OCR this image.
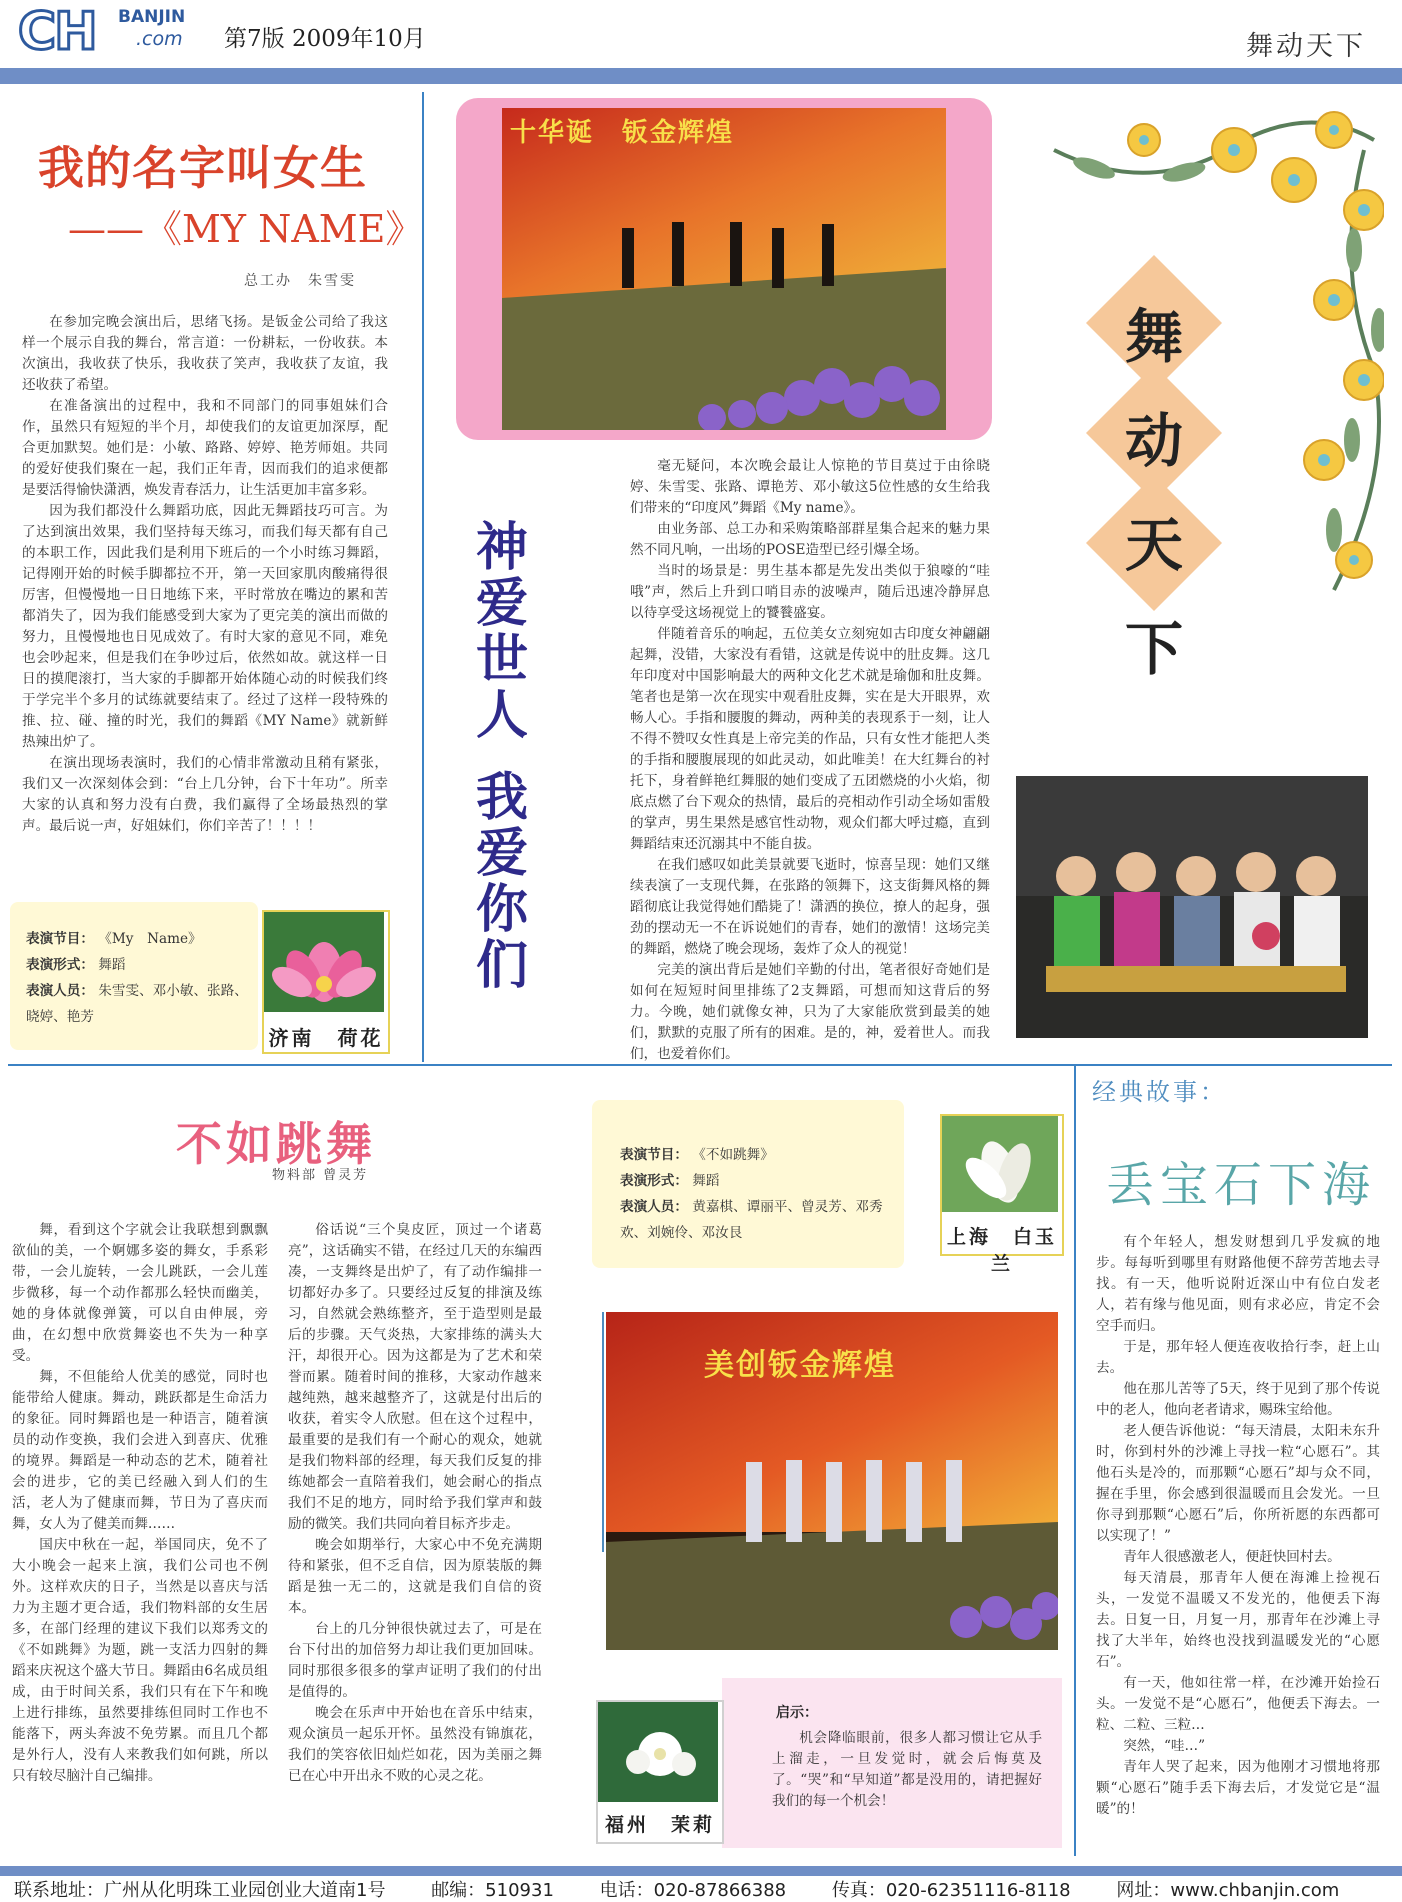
CH BANJIN
.com 第7版 2009年10月	舞动天下
我的名字叫女生
——《MY NAME》
总工办　朱雪雯

在参加完晚会演出后，思绪飞扬。是钣金公司给了我这样一个展示自我的舞台，常言道：一份耕耘，一份收获。本次演出，我收获了快乐，我收获了笑声，我收获了友谊，我还收获了希望。

在准备演出的过程中，我和不同部门的同事姐妹们合作，虽然只有短短的半个月，却使我们的友谊更加深厚，配合更加默契。她们是：小敏、路路、婷婷、艳芳师姐。共同的爱好使我们聚在一起，我们正年青，因而我们的追求便都是要活得愉快潇洒，焕发青春活力，让生活更加丰富多彩。

因为我们都没什么舞蹈功底，因此无舞蹈技巧可言。为了达到演出效果，我们坚持每天练习，而我们每天都有自己的本职工作，因此我们是利用下班后的一个小时练习舞蹈，记得刚开始的时候手脚都拉不开，第一天回家肌肉酸痛得很厉害，但慢慢地一日日地练下来，平时常放在嘴边的累和苦都消失了，因为我们能感受到大家为了更完美的演出而做的努力，且慢慢地也日见成效了。有时大家的意见不同，难免也会吵起来，但是我们在争吵过后，依然如故。就这样一日日的摸爬滚打，当大家的手脚都开始体随心动的时候我们终于学完半个多月的试练就要结束了。经过了这样一段特殊的推、拉、碰、撞的时光，我们的舞蹈《MY Name》就新鲜热辣出炉了。

在演出现场表演时，我们的心情非常激动且稍有紧张，我们又一次深刻体会到：“台上几分钟，台下十年功”。所幸大家的认真和努力没有白费，我们赢得了全场最热烈的掌声。最后说一声，好姐妹们，你们辛苦了！！！！

表演节目： 《My　Name》
表演形式： 舞蹈
表演人员： 朱雪雯、邓小敏、张路、晓婷、艳芳
济南　荷花
十华诞　钣金辉煌
神爱世人
我爱你们

毫无疑问，本次晚会最让人惊艳的节目莫过于由徐晓婷、朱雪雯、张路、谭艳芳、邓小敏这5位性感的女生给我们带来的“印度风”舞蹈《My name》。

由业务部、总工办和采购策略部群星集合起来的魅力果然不同凡响，一出场的POSE造型已经引爆全场。

当时的场景是：男生基本都是先发出类似于狼嚎的“哇哦”声，然后上升到口哨目赤的波噪声，随后迅速冷静屏息以待享受这场视觉上的饕餮盛宴。

伴随着音乐的响起，五位美女立刻宛如古印度女神翩翩起舞，没错，大家没有看错，这就是传说中的肚皮舞。这几年印度对中国影响最大的两种文化艺术就是瑜伽和肚皮舞。笔者也是第一次在现实中观看肚皮舞，实在是大开眼界，欢畅人心。手指和腰腹的舞动，两种美的表现系于一刻，让人不得不赞叹女性真是上帝完美的作品，只有女性才能把人类的手指和腰腹展现的如此灵动，如此唯美！在大红舞台的衬托下，身着鲜艳红舞服的她们变成了五团燃烧的小火焰，彻底点燃了台下观众的热情，最后的亮相动作引动全场如雷般的掌声，男生果然是感官性动物，观众们都大呼过瘾，直到舞蹈结束还沉溺其中不能自拔。

在我们感叹如此美景就要飞逝时，惊喜呈现：她们又继续表演了一支现代舞，在张路的领舞下，这支街舞风格的舞蹈彻底让我觉得她们酷毙了！潇洒的换位，撩人的起身，强劲的摆动无一不在诉说她们的青春，她们的激情！这场完美的舞蹈，燃烧了晚会现场，轰炸了众人的视觉！

完美的演出背后是她们辛勤的付出，笔者很好奇她们是如何在短短时间里排练了2支舞蹈，可想而知这背后的努力。今晚，她们就像女神，只为了大家能欣赏到最美的她们，默默的克服了所有的困难。是的，神，爱着世人。而我们，也爱着你们。

舞动天下
不如跳舞
物料部 曾灵芳

舞，看到这个字就会让我联想到飘飘欲仙的美，一个婀娜多姿的舞女，手系彩带，一会儿旋转，一会儿跳跃，一会儿莲步微移，每一个动作都那么轻快而幽美，她的身体就像弹簧，可以自由伸展，旁曲，在幻想中欣赏舞姿也不失为一种享受。

舞，不但能给人优美的感觉，同时也能带给人健康。舞动，跳跃都是生命活力的象征。同时舞蹈也是一种语言，随着演员的动作变换，我们会进入到喜庆、优雅的境界。舞蹈是一种动态的艺术，随着社会的进步，它的美已经融入到人们的生活，老人为了健康而舞，节日为了喜庆而舞，女人为了健美而舞……

国庆中秋在一起，举国同庆，免不了大小晚会一起来上演，我们公司也不例外。这样欢庆的日子，当然是以喜庆与活力为主题才更合适，我们物料部的女生居多，在部门经理的建议下我们以郑秀文的《不如跳舞》为题，跳一支活力四射的舞蹈来庆祝这个盛大节日。舞蹈由6名成员组成，由于时间关系，我们只有在下午和晚上进行排练，虽然要排练但同时工作也不能落下，两头奔波不免劳累。而且几个都是外行人，没有人来教我们如何跳，所以只有较尽脑汁自己编排。

俗话说“三个臭皮匠，顶过一个诸葛亮”，这话确实不错，在经过几天的东编西凑，一支舞终是出炉了，有了动作编排一切都好办多了。只要经过反复的排演及练习，自然就会熟练整齐，至于造型则是最后的步骤。天气炎热，大家排练的满头大汗，却很开心。因为这都是为了艺术和荣誉而累。随着时间的推移，大家动作越来越纯熟，越来越整齐了，这就是付出后的收获，着实令人欣慰。但在这个过程中，最重要的是我们有一个耐心的观众，她就是我们物料部的经理，每天我们反复的排练她都会一直陪着我们，她会耐心的指点我们不足的地方，同时给予我们掌声和鼓励的微笑。我们共同向着目标齐步走。

晚会如期举行，大家心中不免充满期待和紧张，但不乏自信，因为原装版的舞蹈是独一无二的，这就是我们自信的资本。

台上的几分钟很快就过去了，可是在台下付出的加倍努力却让我们更加回味。同时那很多很多的掌声证明了我们的付出是值得的。

晚会在乐声中开始也在音乐中结束，观众演员一起乐开怀。虽然没有锦旗花，我们的笑容依旧灿烂如花，因为美丽之舞已在心中开出永不败的心灵之花。

表演节目： 《不如跳舞》
表演形式： 舞蹈
表演人员： 黄嘉棋、谭丽平、曾灵芳、邓秀欢、刘婉伶、邓汝艮	上海　白玉兰
美创钣金辉煌
启示：
机会降临眼前，很多人都习惯让它从手上溜走，一旦发觉时，就会后悔莫及了。“哭”和“早知道”都是没用的，请把握好我们的每一个机会！
福州　茉莉
经典故事：
丢宝石下海

有个年轻人，想发财想到几乎发疯的地步。每每听到哪里有财路他便不辞劳苦地去寻找。有一天，他听说附近深山中有位白发老人，若有缘与他见面，则有求必应，肯定不会空手而归。

于是，那年轻人便连夜收拾行李，赶上山去。

他在那儿苦等了5天，终于见到了那个传说中的老人，他向老者请求，赐珠宝给他。

老人便告诉他说：“每天清晨，太阳未东升时，你到村外的沙滩上寻找一粒“心愿石”。其他石头是冷的，而那颗“心愿石”却与众不同，握在手里，你会感到很温暖而且会发光。一旦你寻到那颗“心愿石”后，你所祈愿的东西都可以实现了！”

青年人很感激老人，便赶快回村去。

每天清晨，那青年人便在海滩上捡视石头，一发觉不温暖又不发光的，他便丢下海去。日复一日，月复一月，那青年在沙滩上寻找了大半年，始终也没找到温暖发光的“心愿石”。

有一天，他如往常一样，在沙滩开始捡石头。一发觉不是“心愿石”，他便丢下海去。一粒、二粒、三粒…

突然，“哇…”

青年人哭了起来，因为他刚才习惯地将那颗“心愿石”随手丢下海去后，才发觉它是“温暖”的！

联系地址：广州从化明珠工业园创业大道南1号	邮编：510931	电话：020-87866388	传真：020-62351116-8118	网址：www.chbanjin.com
